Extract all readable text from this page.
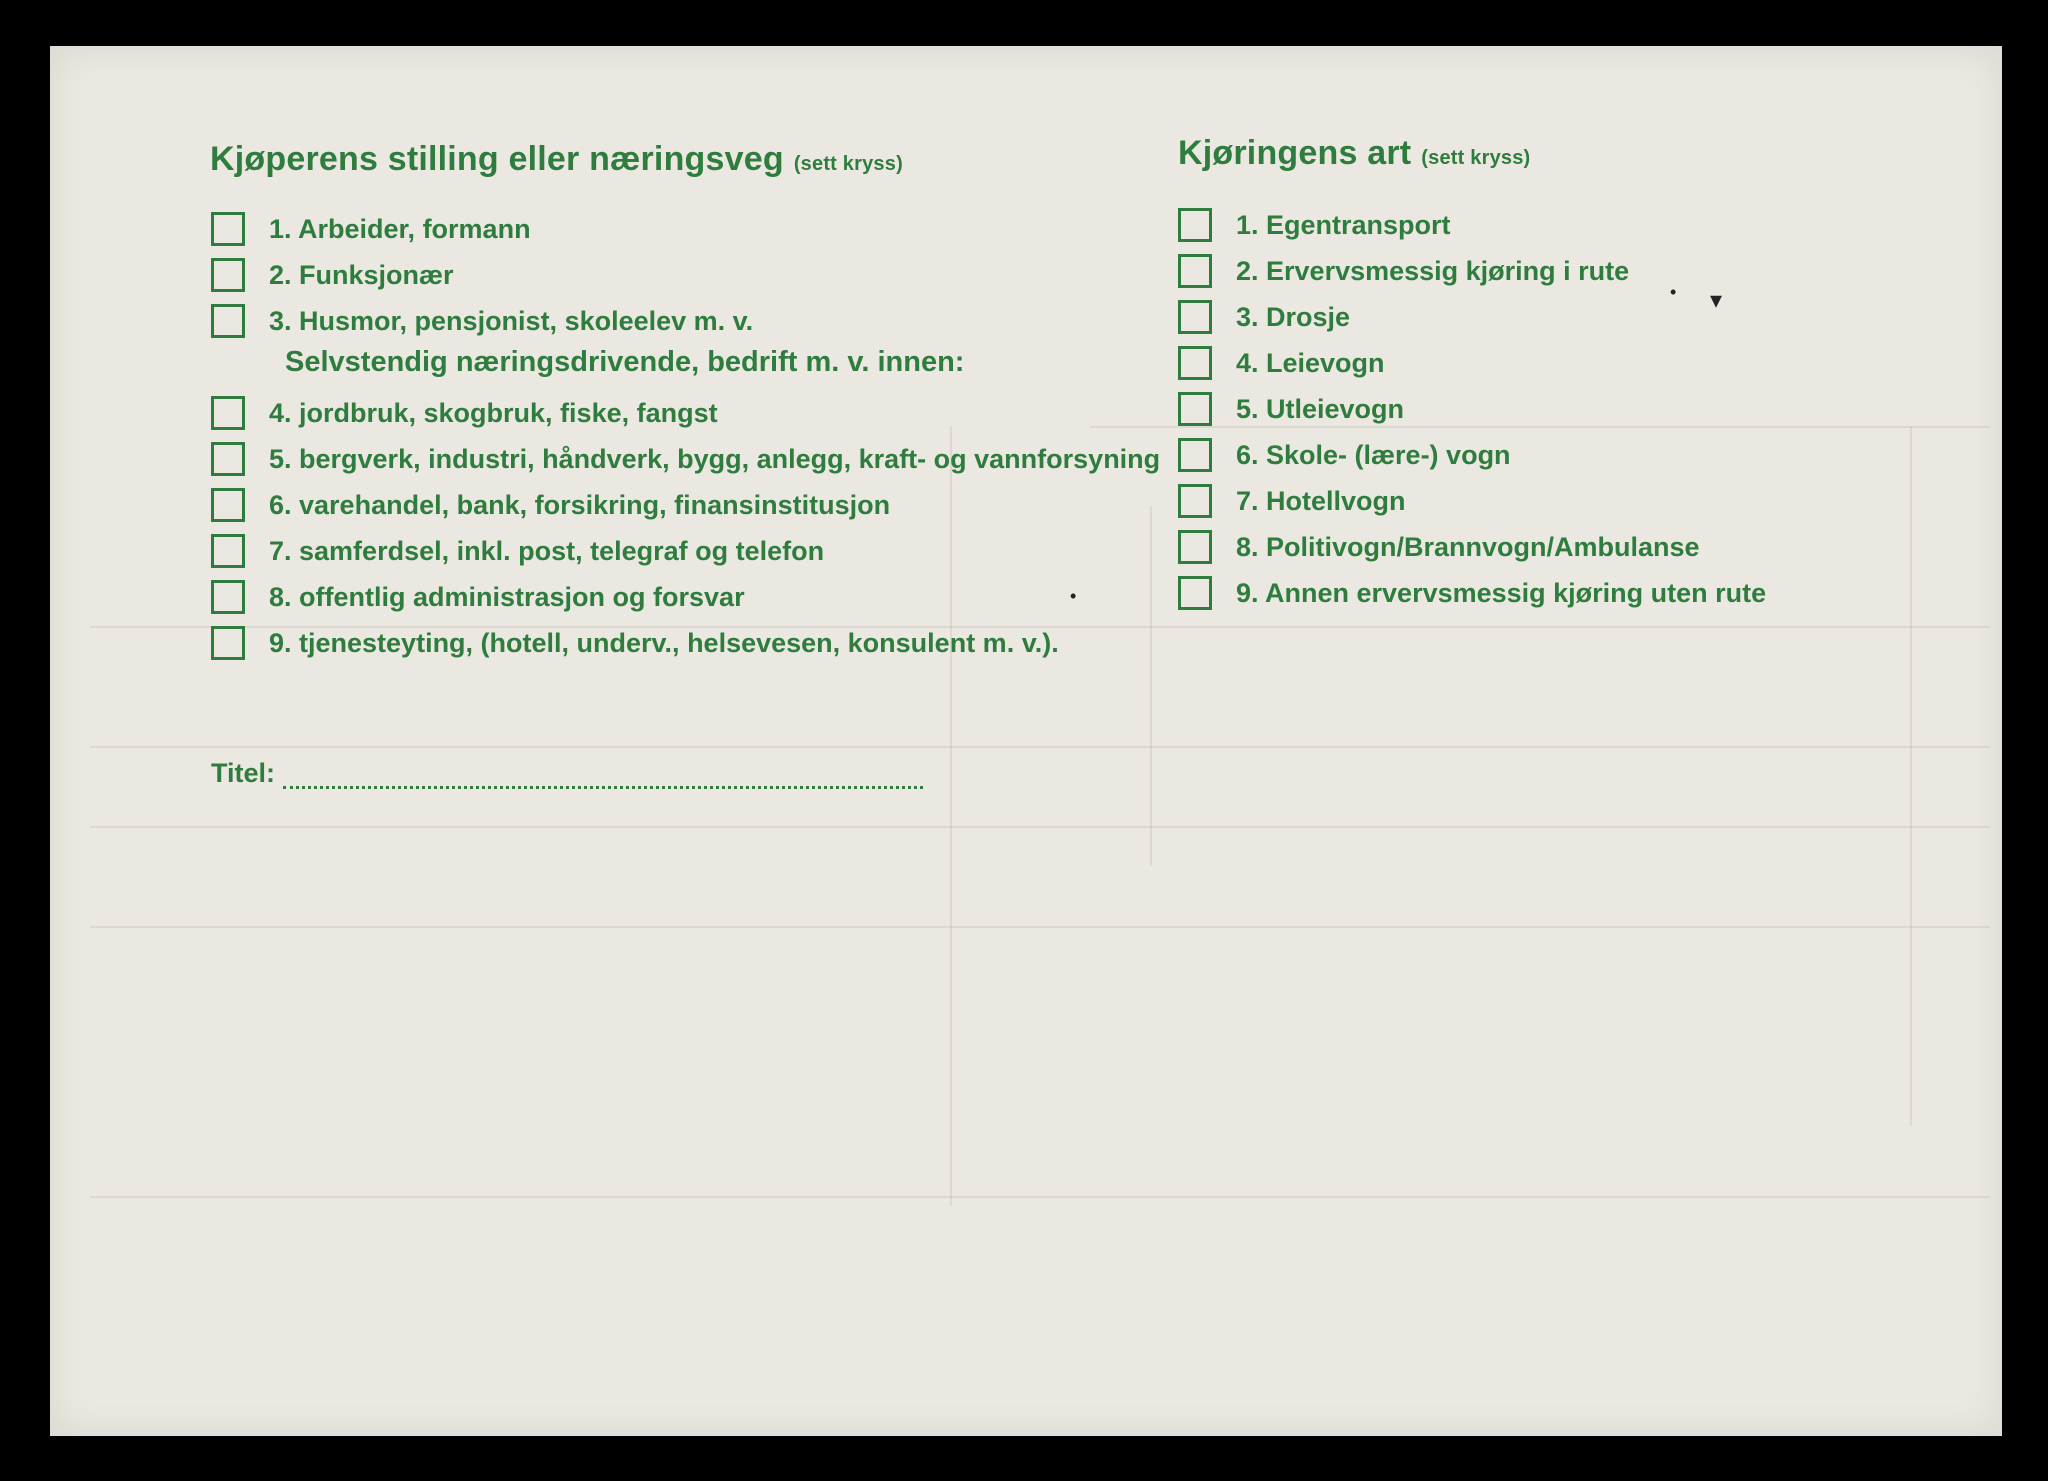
Kjøperens stilling eller næringsveg (sett kryss)
1. Arbeider, formann
2. Funksjonær
3. Husmor, pensjonist, skoleelev m. v.
Selvstendig næringsdrivende, bedrift m. v. innen:
4. jordbruk, skogbruk, fiske, fangst
5. bergverk, industri, håndverk, bygg, anlegg, kraft- og vannforsyning
6. varehandel, bank, forsikring, finansinstitusjon
7. samferdsel, inkl. post, telegraf og telefon
8. offentlig administrasjon og forsvar
9. tjenesteyting, (hotell, underv., helsevesen, konsulent m. v.).
Titel:
Kjøringens art (sett kryss)
1. Egentransport
2. Ervervsmessig kjøring i rute
3. Drosje
4. Leievogn
5. Utleievogn
6. Skole- (lære-) vogn
7. Hotellvogn
8. Politivogn/Brannvogn/Ambulanse
9. Annen ervervsmessig kjøring uten rute
•
• ▾
